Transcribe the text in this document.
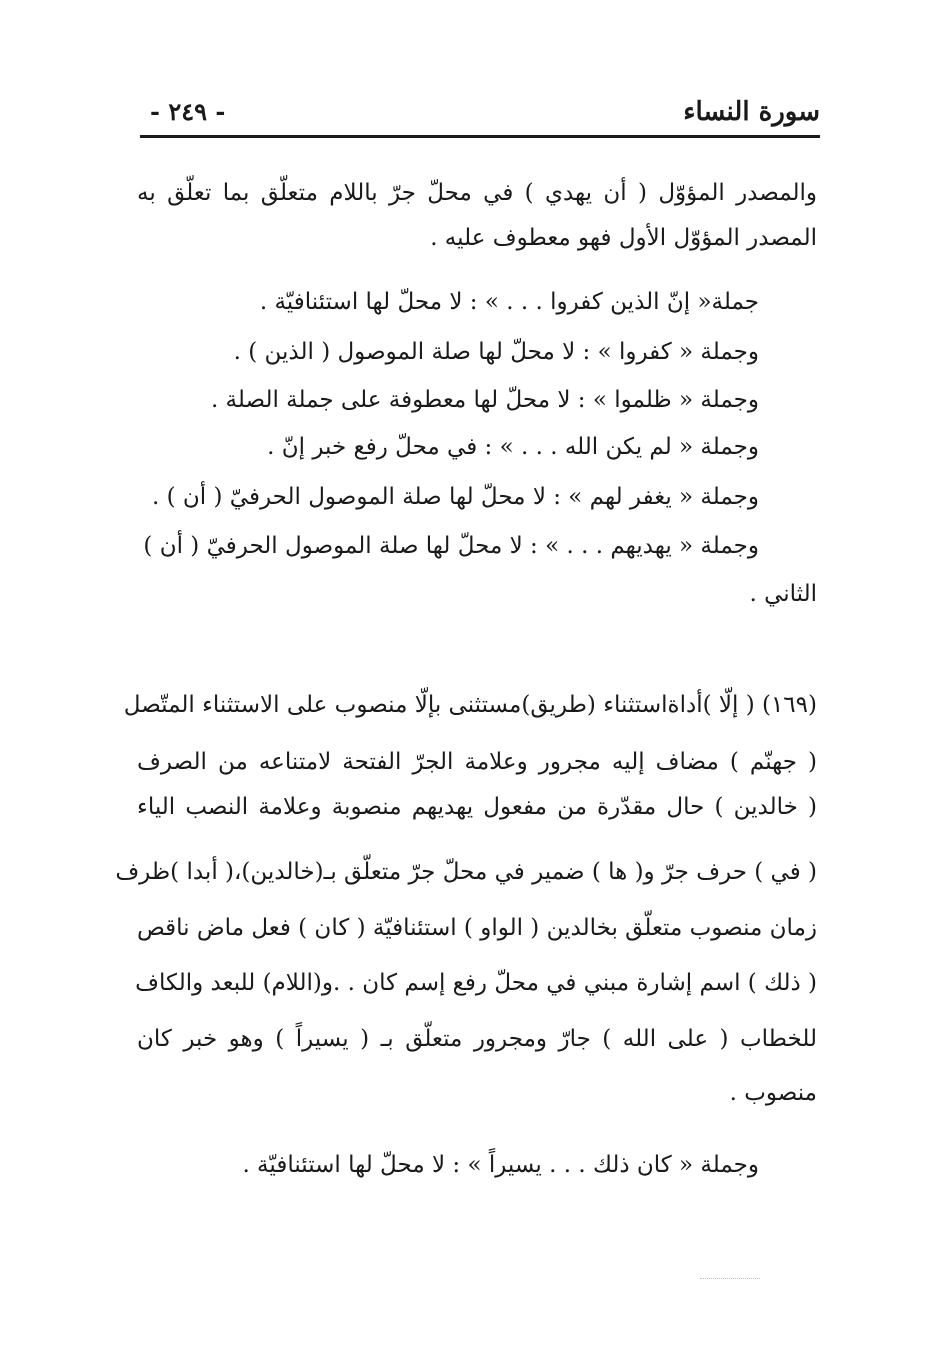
سورة النساء
- ٢٤٩ -
والمصدر المؤوّل ( أن يهدي ) في محلّ جرّ باللام متعلّق بما تعلّق به
المصدر المؤوّل الأول فهو معطوف عليه .
جملة« إنّ الذين كفروا . . . » : لا محلّ لها استئنافيّة .
وجملة « كفروا » : لا محلّ لها صلة الموصول ( الذين ) .
وجملة « ظلموا » : لا محلّ لها معطوفة على جملة الصلة .
وجملة « لم يكن الله . . . » : في محلّ رفع خبر إنّ .
وجملة « يغفر لهم » : لا محلّ لها صلة الموصول الحرفيّ ( أن ) .
وجملة « يهديهم . . . » : لا محلّ لها صلة الموصول الحرفيّ ( أن )
الثاني .
(١٦٩) ( إلّا )أداةاستثناء (طريق)مستثنى بإلّا منصوب على الاستثناء المتّصل
( جهنّم ) مضاف إليه مجرور وعلامة الجرّ الفتحة لامتناعه من الصرف
( خالدين ) حال مقدّرة من مفعول يهديهم منصوبة وعلامة النصب الياء
( في ) حرف جرّ و( ها ) ضمير في محلّ جرّ متعلّق بـ(خالدين)،( أبدا )ظرف
زمان منصوب متعلّق بخالدين ( الواو ) استئنافيّة ( كان ) فعل ماض ناقص
( ذلك ) اسم إشارة مبني في محلّ رفع إسم كان . .و(اللام) للبعد والكاف
للخطاب ( على الله ) جارّ ومجرور متعلّق بـ ( يسيراً ) وهو خبر كان
منصوب .
وجملة « كان ذلك . . . يسيراً » : لا محلّ لها استئنافيّة .
